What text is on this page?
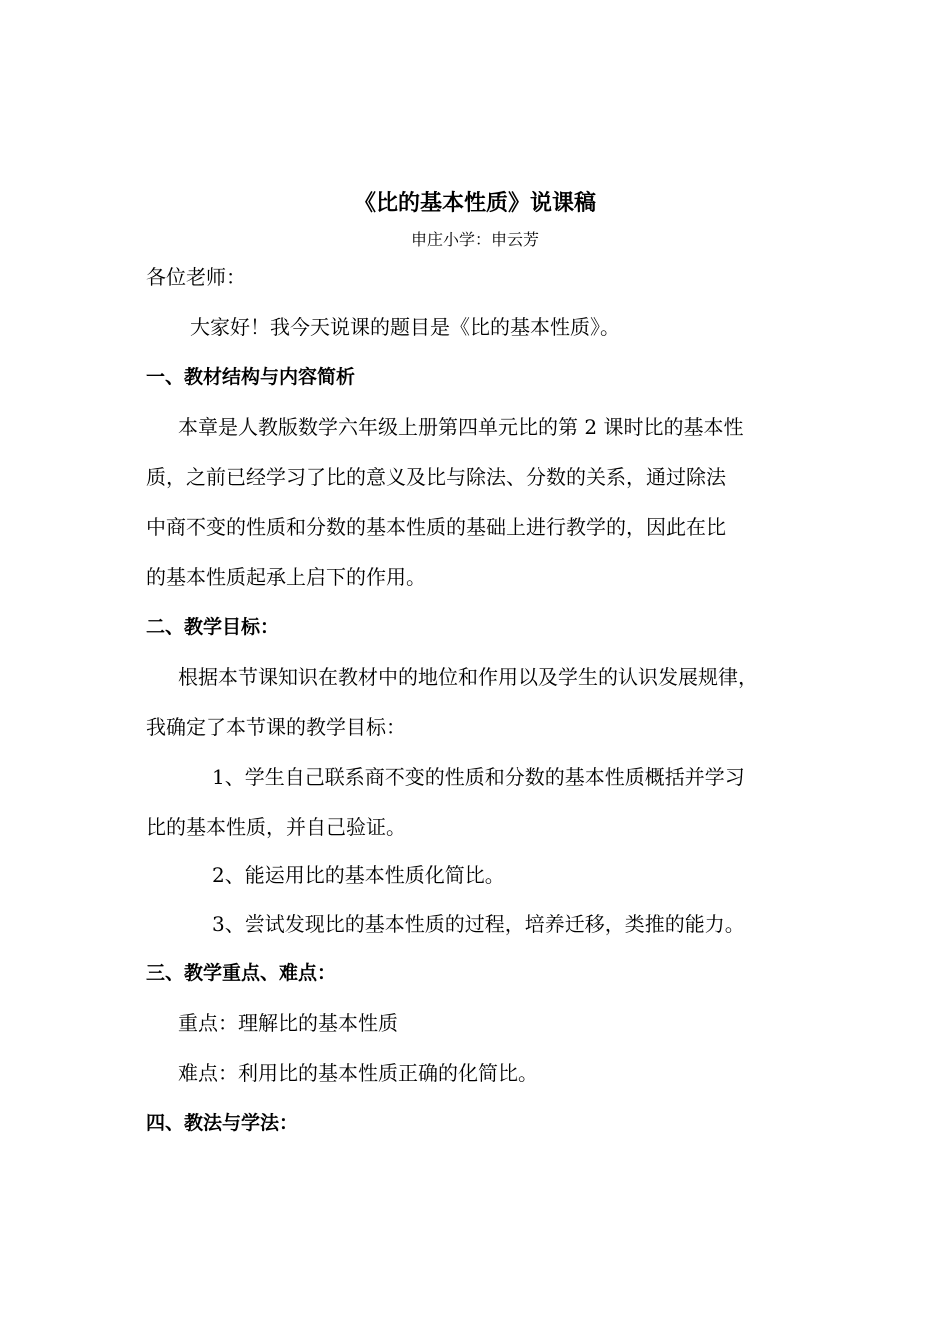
《比的基本性质》说课稿
申庄小学：申云芳
各位老师：
大家好！我今天说课的题目是《比的基本性质》。
一、教材结构与内容简析
本章是人教版数学六年级上册第四单元比的第 2 课时比的基本性
质，之前已经学习了比的意义及比与除法、分数的关系，通过除法
中商不变的性质和分数的基本性质的基础上进行教学的，因此在比
的基本性质起承上启下的作用。
二、教学目标：
根据本节课知识在教材中的地位和作用以及学生的认识发展规律，
我确定了本节课的教学目标：
1、学生自己联系商不变的性质和分数的基本性质概括并学习
比的基本性质，并自己验证。
2、能运用比的基本性质化简比。
3、尝试发现比的基本性质的过程，培养迁移，类推的能力。
三、教学重点、难点：
重点：理解比的基本性质
难点：利用比的基本性质正确的化简比。
四、教法与学法：
